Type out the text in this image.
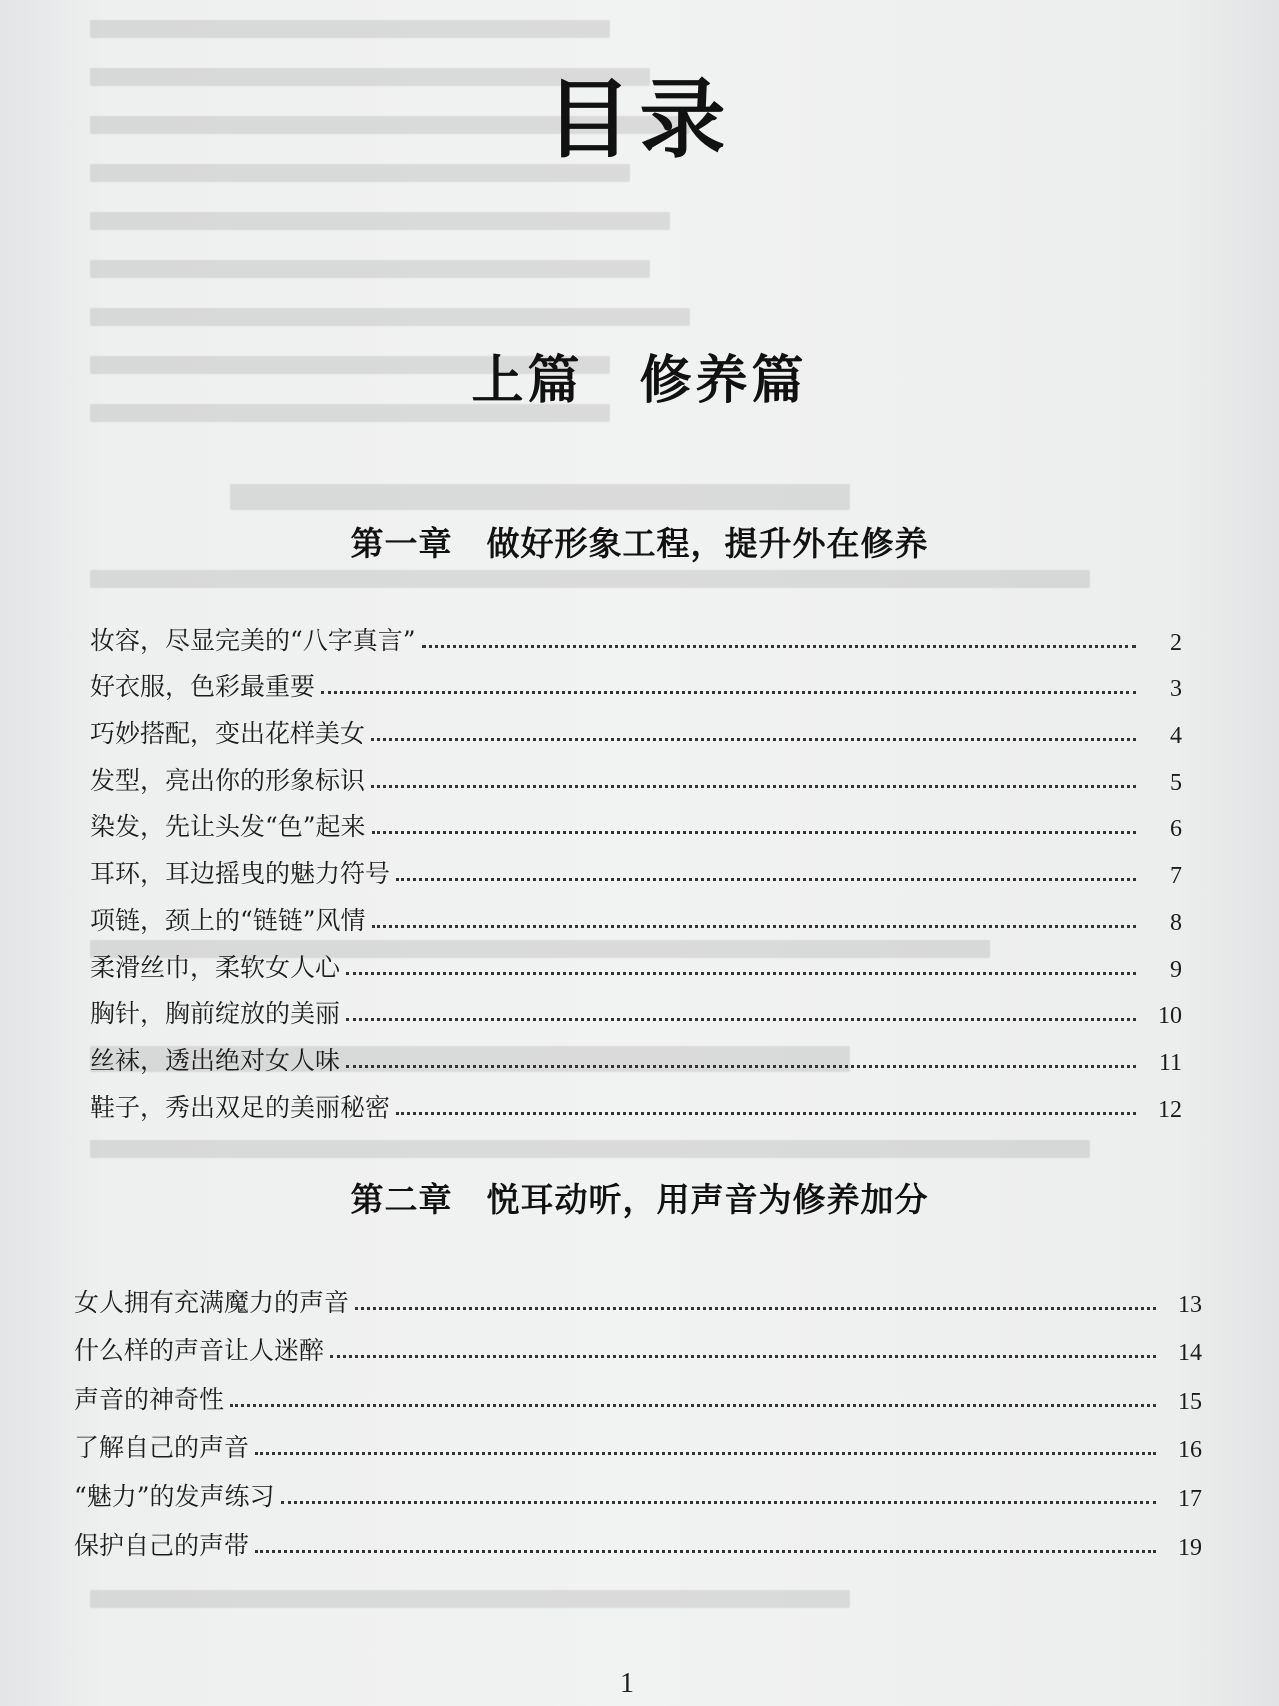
目录
上篇　修养篇
第一章　做好形象工程，提升外在修养
妆容，尽显完美的“八字真言”	2
好衣服，色彩最重要	3
巧妙搭配，变出花样美女	4
发型，亮出你的形象标识	5
染发，先让头发“色”起来	6
耳环，耳边摇曳的魅力符号	7
项链，颈上的“链链”风情	8
柔滑丝巾，柔软女人心	9
胸针，胸前绽放的美丽	10
丝袜，透出绝对女人味	11
鞋子，秀出双足的美丽秘密	12
第二章　悦耳动听，用声音为修养加分
女人拥有充满魔力的声音	13
什么样的声音让人迷醉	14
声音的神奇性	15
了解自己的声音	16
“魅力”的发声练习	17
保护自己的声带	19
1
